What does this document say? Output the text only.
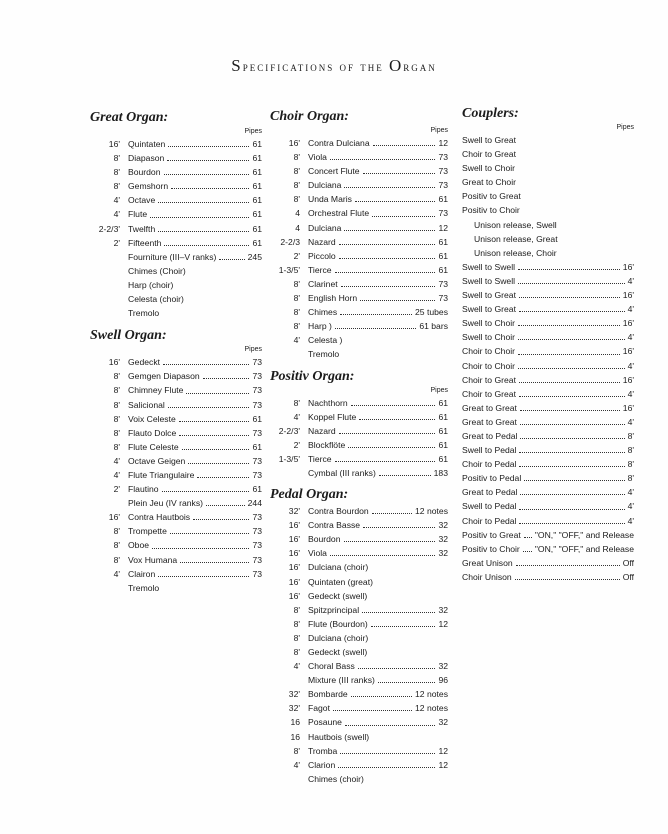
Specifications of the Organ
Great Organ:
Pipes
16' Quintaten	61
8' Diapason	61
8' Bourdon	61
8' Gemshorn	61
4' Octave	61
4' Flute	61
2-2/3' Twelfth	61
2' Fifteenth	61
Fourniture (III–V ranks)	245
Chimes (Choir)
Harp (choir)
Celesta (choir)
Tremolo
Swell Organ:
Pipes
16' Gedeckt	73
8' Gemgen Diapason	73
8' Chimney Flute	73
8' Salicional	73
8' Voix Celeste	61
8' Flauto Dolce	73
8' Flute Celeste	61
4' Octave Geigen	73
4' Flute Triangulaire	73
2' Flautino	61
Plein Jeu (IV ranks)	244
16' Contra Hautbois	73
8' Trompette	73
8' Oboe	73
8' Vox Humana	73
4' Clairon	73
Tremolo
Choir Organ:
Pipes
16' Contra Dulciana	12
8' Viola	73
8' Concert Flute	73
8' Dulciana	73
8' Unda Maris	61
4 Orchestral Flute	73
4 Dulciana	12
2-2/3 Nazard	61
2' Piccolo	61
1-3/5' Tierce	61
8' Clarinet	73
8' English Horn	73
8' Chimes	25 tubes
8' Harp )	61 bars
4' Celesta )
Tremolo
Positiv Organ:
Pipes
8' Nachthorn	61
4' Koppel Flute	61
2-2/3' Nazard	61
2' Blockflöte	61
1-3/5' Tierce	61
Cymbal (III ranks)	183
Pedal Organ:
32' Contra Bourdon	12 notes
16' Contra Basse	32
16' Bourdon	32
16' Viola	32
16' Dulciana (choir)
16' Quintaten (great)
16' Gedeckt (swell)
8' Spitzprincipal	32
8' Flute (Bourdon)	12
8' Dulciana (choir)
8' Gedeckt (swell)
4' Choral Bass	32
Mixture (III ranks)	96
32' Bombarde	12 notes
32' Fagot	12 notes
16 Posaune	32
16 Hautbois (swell)
8' Tromba	12
4' Clarion	12
Chimes (choir)
Couplers:
Pipes
Swell to Great
Choir to Great
Swell to Choir
Great to Choir
Positiv to Great
Positiv to Choir
Unison release, Swell
Unison release, Great
Unison release, Choir
Swell to Swell	16'
Swell to Swell	4'
Swell to Great	16'
Swell to Great	4'
Swell to Choir	16'
Swell to Choir	4'
Choir to Choir	16'
Choir to Choir	4'
Choir to Great	16'
Choir to Great	4'
Great to Great	16'
Great to Great	4'
Great to Pedal	8'
Swell to Pedal	8'
Choir to Pedal	8'
Positiv to Pedal	8'
Great to Pedal	4'
Swell to Pedal	4'
Choir to Pedal	4'
Positiv to Great "ON," "OFF," and Release
Positiv to Choir "ON," "OFF," and Release
Great Unison	Off
Choir Unison	Off
